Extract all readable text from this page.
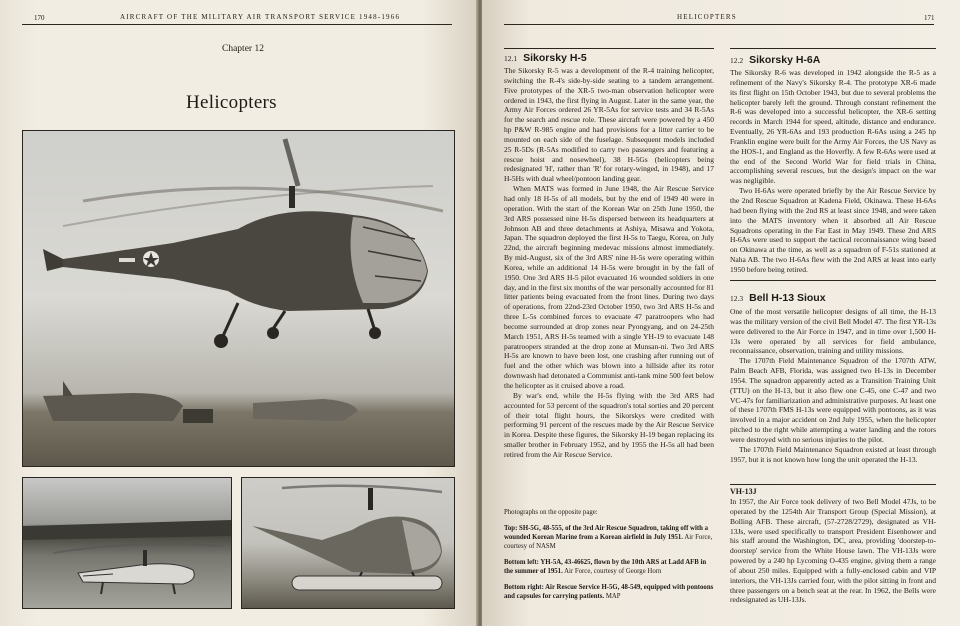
170	AIRCRAFT OF THE MILITARY AIR TRANSPORT SERVICE 1948-1966
Chapter 12
Helicopters
HELICOPTERS	171
12.1 Sikorsky H-5

The Sikorsky R-5 was a development of the R-4 training helicopter, switching the R-4's side-by-side seating to a tandem arrangement. Five prototypes of the XR-5 two-man observation helicopter were ordered in 1943, the first flying in August. Later in the same year, the Army Air Forces ordered 26 YR-5As for service tests and 34 R-5As for the search and rescue role. These aircraft were powered by a 450 hp P&W R-985 engine and had provisions for a litter carrier to be mounted on each side of the fuselage. Subsequent models included 25 R-5Ds (R-5As modified to carry two passengers and featuring a rescue hoist and nosewheel), 38 H-5Gs (helicopters being redesignated 'H', rather than 'R' for rotary-winged, in 1948), and 17 H-5Hs with dual wheel/pontoon landing gear.

When MATS was formed in June 1948, the Air Rescue Service had only 18 H-5s of all models, but by the end of 1949 40 were in operation. With the start of the Korean War on 25th June 1950, the 3rd ARS possessed nine H-5s dispersed between its headquarters at Johnson AB and three detachments at Ashiya, Misawa and Yokota, Japan. The squadron deployed the first H-5s to Taegu, Korea, on July 22nd, the aircraft beginning medevac missions almost immediately. By mid-August, six of the 3rd ARS' nine H-5s were operating within Korea, while an additional 14 H-5s were brought in by the fall of 1950. One 3rd ARS H-5 pilot evacuated 16 wounded soldiers in one day, and in the first six months of the war personally accounted for 81 litter patients being evacuated from the front lines. During two days of operations, from 22nd-23rd October 1950, two 3rd ARS H-5s and three L-5s combined forces to evacuate 47 paratroopers who had become surrounded at drop zones near Pyongyang, and on 24-25th March 1951, ARS H-5s teamed with a single YH-19 to evacuate 148 paratroopers stranded at the drop zone at Munsan-ni. Two 3rd ARS H-5s are known to have been lost, one crashing after running out of fuel and the other which was blown into a hillside after its rotor downwash had detonated a Communist anti-tank mine 500 feet below the helicopter as it cruised above a road.

By war's end, while the H-5s flying with the 3rd ARS had accounted for 53 percent of the squadron's total sorties and 20 percent of their total flight hours, the Sikorskys were credited with performing 91 percent of the rescues made by the Air Rescue Service in Korea. Despite these figures, the Sikorsky H-19 began replacing its smaller brother in February 1952, and by 1955 the H-5s all had been retired from the Air Rescue Service.

Photographs on the opposite page:

Top: SH-5G, 48-555, of the 3rd Air Rescue Squadron, taking off with a wounded Korean Marine from a Korean airfield in July 1951. Air Force, courtesy of NASM

Bottom left: YH-5A, 43-46625, flown by the 10th ARS at Ladd AFB in the summer of 1951. Air Force, courtesy of George Horn

Bottom right: Air Rescue Service H-5G, 48-549, equipped with pontoons and capsules for carrying patients. MAP

12.2 Sikorsky H-6A

The Sikorsky R-6 was developed in 1942 alongside the R-5 as a refinement of the Navy's Sikorsky R-4. The prototype XR-6 made its first flight on 15th October 1943, but due to several problems the helicopter barely left the ground. Through constant refinement the R-6 was developed into a successful helicopter, the XR-6 setting records in March 1944 for speed, altitude, distance and endurance. Eventually, 26 YR-6As and 193 production R-6As using a 245 hp Franklin engine were built for the Army Air Forces, the US Navy as the HOS-1, and England as the Hoverfly. A few R-6As were used at the end of the Second World War for field trials in China, accomplishing several rescues, but the design's impact on the war was negligible.

Two H-6As were operated briefly by the Air Rescue Service by the 2nd Rescue Squadron at Kadena Field, Okinawa. These H-6As had been flying with the 2nd RS at least since 1948, and were taken into the MATS inventory when it absorbed all Air Rescue Squadrons operating in the Far East in May 1949. These 2nd ARS H-6As were used to support the tactical reconnaissance wing based on Okinawa at the time, as well as a squadron of F-51s stationed at Naha AB. The two H-6As flew with the 2nd ARS at least into early 1950 before being retired.

12.3 Bell H-13 Sioux

One of the most versatile helicopter designs of all time, the H-13 was the military version of the civil Bell Model 47. The first YR-13s were delivered to the Air Force in 1947, and in time over 1,500 H-13s were operated by all services for field ambulance, reconnaissance, observation, training and utility missions.

The 1707th Field Maintenance Squadron of the 1707th ATW, Palm Beach AFB, Florida, was assigned two H-13s in December 1954. The squadron apparently acted as a Transition Training Unit (TTU) on the H-13, but it also flew one C-45, one C-47 and two VC-47s for familiarization and administrative purposes. At least one of these 1707th FMS H-13s were equipped with pontoons, as it was involved in a major accident on 2nd July 1955, when the helicopter pitched to the right while attempting a water landing and the rotors were destroyed with no serious injuries to the pilot.

The 1707th Field Maintenance Squadron existed at least through 1957, but it is not known how long the unit operated the H-13.

VH-13J

In 1957, the Air Force took delivery of two Bell Model 47Js, to be operated by the 1254th Air Transport Group (Special Mission), at Bolling AFB. These aircraft, (57-2728/2729), designated as VH-13Js, were used specifically to transport President Eisenhower and his staff around the Washington, DC, area, providing 'doorstep-to-doorstep' service from the White House lawn. The VH-13Js were powered by a 240 hp Lycoming O-435 engine, giving them a range of about 250 miles. Equipped with a fully-enclosed cabin and VIP interiors, the VH-13Js carried four, with the pilot sitting in front and three passengers on a bench seat at the rear. In 1962, the Bells were redesignated as UH-13Js.
